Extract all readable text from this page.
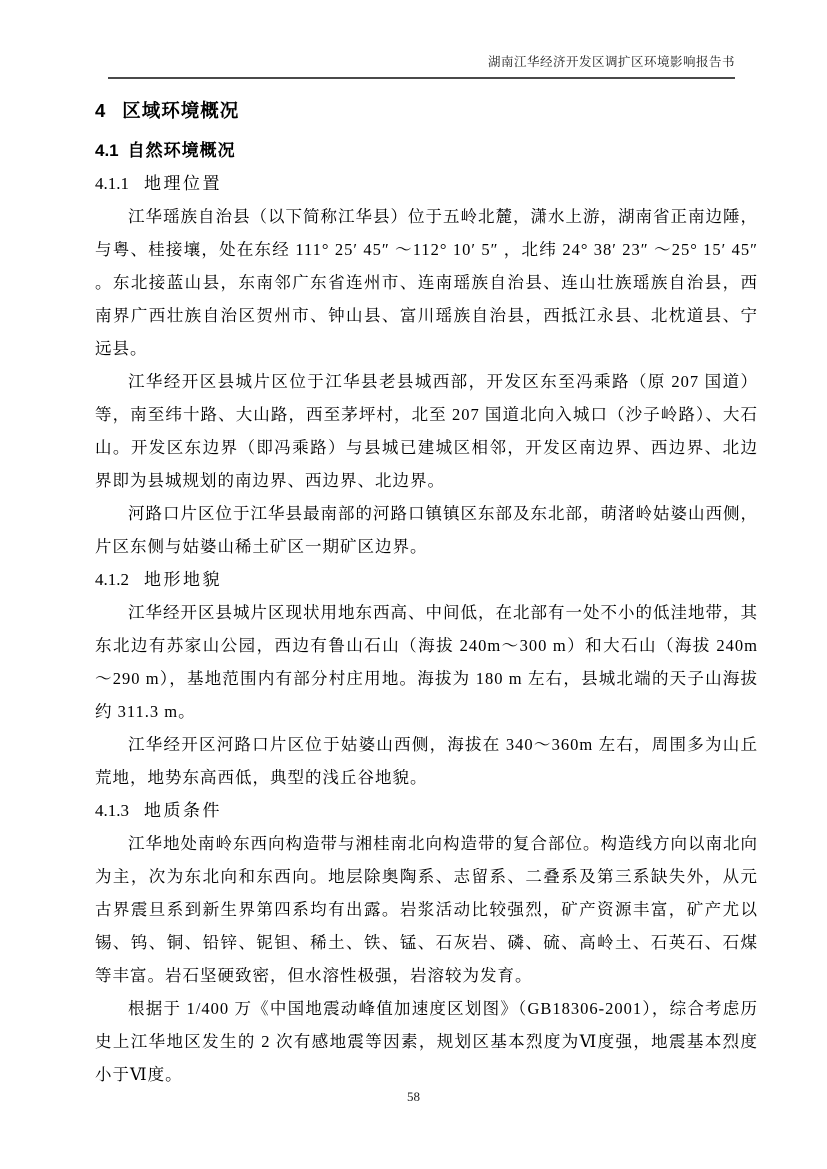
湖南江华经济开发区调扩区环境影响报告书
4 区域环境概况
4.1 自然环境概况
4.1.1 地理位置

江华瑶族自治县（以下简称江华县）位于五岭北麓，潇水上游，湖南省正南边陲，与粤、桂接壤，处在东经 111° 25′ 45″ ～112° 10′ 5″ ，北纬 24° 38′ 23″ ～25° 15′ 45″ 。东北接蓝山县，东南邻广东省连州市、连南瑶族自治县、连山壮族瑶族自治县，西南界广西壮族自治区贺州市、钟山县、富川瑶族自治县，西抵江永县、北枕道县、宁远县。

江华经开区县城片区位于江华县老县城西部，开发区东至冯乘路（原 207 国道）等，南至纬十路、大山路，西至茅坪村，北至 207 国道北向入城口（沙子岭路）、大石山。开发区东边界（即冯乘路）与县城已建城区相邻，开发区南边界、西边界、北边界即为县城规划的南边界、西边界、北边界。

河路口片区位于江华县最南部的河路口镇镇区东部及东北部，萌渚岭姑婆山西侧，片区东侧与姑婆山稀土矿区一期矿区边界。

4.1.2 地形地貌

江华经开区县城片区现状用地东西高、中间低，在北部有一处不小的低洼地带，其东北边有苏家山公园，西边有鲁山石山（海拔 240m～300 m）和大石山（海拔 240m～290 m），基地范围内有部分村庄用地。海拔为 180 m 左右，县城北端的天子山海拔约 311.3 m。

江华经开区河路口片区位于姑婆山西侧，海拔在 340～360m 左右，周围多为山丘荒地，地势东高西低，典型的浅丘谷地貌。

4.1.3 地质条件

江华地处南岭东西向构造带与湘桂南北向构造带的复合部位。构造线方向以南北向为主，次为东北向和东西向。地层除奥陶系、志留系、二叠系及第三系缺失外，从元古界震旦系到新生界第四系均有出露。岩浆活动比较强烈，矿产资源丰富，矿产尤以锡、钨、铜、铅锌、铌钽、稀土、铁、锰、石灰岩、磷、硫、高岭土、石英石、石煤等丰富。岩石坚硬致密，但水溶性极强，岩溶较为发育。

根据于 1/400 万《中国地震动峰值加速度区划图》（GB18306-2001），综合考虑历史上江华地区发生的 2 次有感地震等因素，规划区基本烈度为Ⅵ度强，地震基本烈度小于Ⅵ度。

58
